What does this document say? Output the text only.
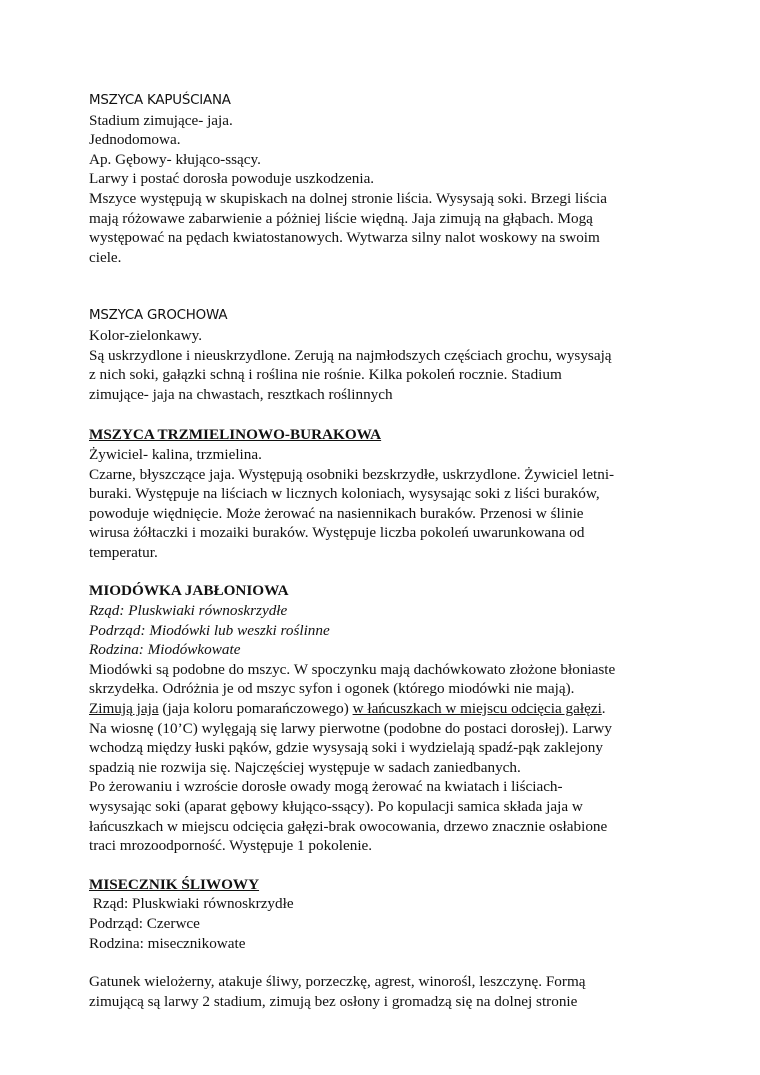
MSZYCA KAPUŚCIANA
Stadium zimujące- jaja.
Jednodomowa.
Ap. Gębowy- kłująco-ssący.
Larwy i postać dorosła powoduje uszkodzenia.
Mszyce występują w skupiskach na dolnej stronie liścia. Wysysają soki. Brzegi liścia
mają różowawe zabarwienie a póżniej liście więdną. Jaja zimują na głąbach. Mogą
występować na pędach kwiatostanowych. Wytwarza silny nalot woskowy na swoim
ciele.
MSZYCA GROCHOWA
Kolor-zielonkawy.
Są uskrzydlone i nieuskrzydlone. Zerują na najmłodszych częściach grochu, wysysają
z nich soki, gałązki schną i roślina nie rośnie. Kilka pokoleń rocznie. Stadium
zimujące- jaja na chwastach, resztkach roślinnych
MSZYCA TRZMIELINOWO-BURAKOWA
Żywiciel- kalina, trzmielina.
Czarne, błyszczące jaja. Występują osobniki bezskrzydłe, uskrzydlone. Żywiciel letni-
buraki. Występuje na liściach w licznych koloniach, wysysając soki z liści buraków,
powoduje więdnięcie. Może żerować na nasiennikach buraków. Przenosi w ślinie
wirusa żółtaczki i mozaiki buraków. Występuje liczba pokoleń uwarunkowana od
temperatur.
MIODÓWKA JABŁONIOWA
Rząd: Pluskwiaki równoskrzydłe
Podrząd: Miodówki lub weszki roślinne
Rodzina: Miodówkowate
Miodówki są podobne do mszyc. W spoczynku mają dachówkowato złożone błoniaste
skrzydełka. Odróżnia je od mszyc syfon i ogonek (którego miodówki nie mają).
Zimują jaja (jaja koloru pomarańczowego) w łańcuszkach w miejscu odcięcia gałęzi.
Na wiosnę (10’C) wylęgają się larwy pierwotne (podobne do postaci dorosłej). Larwy
wchodzą między łuski pąków, gdzie wysysają soki i wydzielają spadź-pąk zaklejony
spadzią nie rozwija się. Najczęściej występuje w sadach zaniedbanych.
Po żerowaniu i wzroście dorosłe owady mogą żerować na kwiatach i liściach-
wysysając soki (aparat gębowy kłująco-ssący). Po kopulacji samica składa jaja w
łańcuszkach w miejscu odcięcia gałęzi-brak owocowania, drzewo znacznie osłabione
traci mrozoodporność. Występuje 1 pokolenie.
MISECZNIK ŚLIWOWY
Rząd: Pluskwiaki równoskrzydłe
Podrząd: Czerwce
Rodzina: misecznikowate
Gatunek wielożerny, atakuje śliwy, porzeczkę, agrest, winorośl, leszczynę. Formą
zimującą są larwy 2 stadium, zimują bez osłony i gromadzą się na dolnej stronie
